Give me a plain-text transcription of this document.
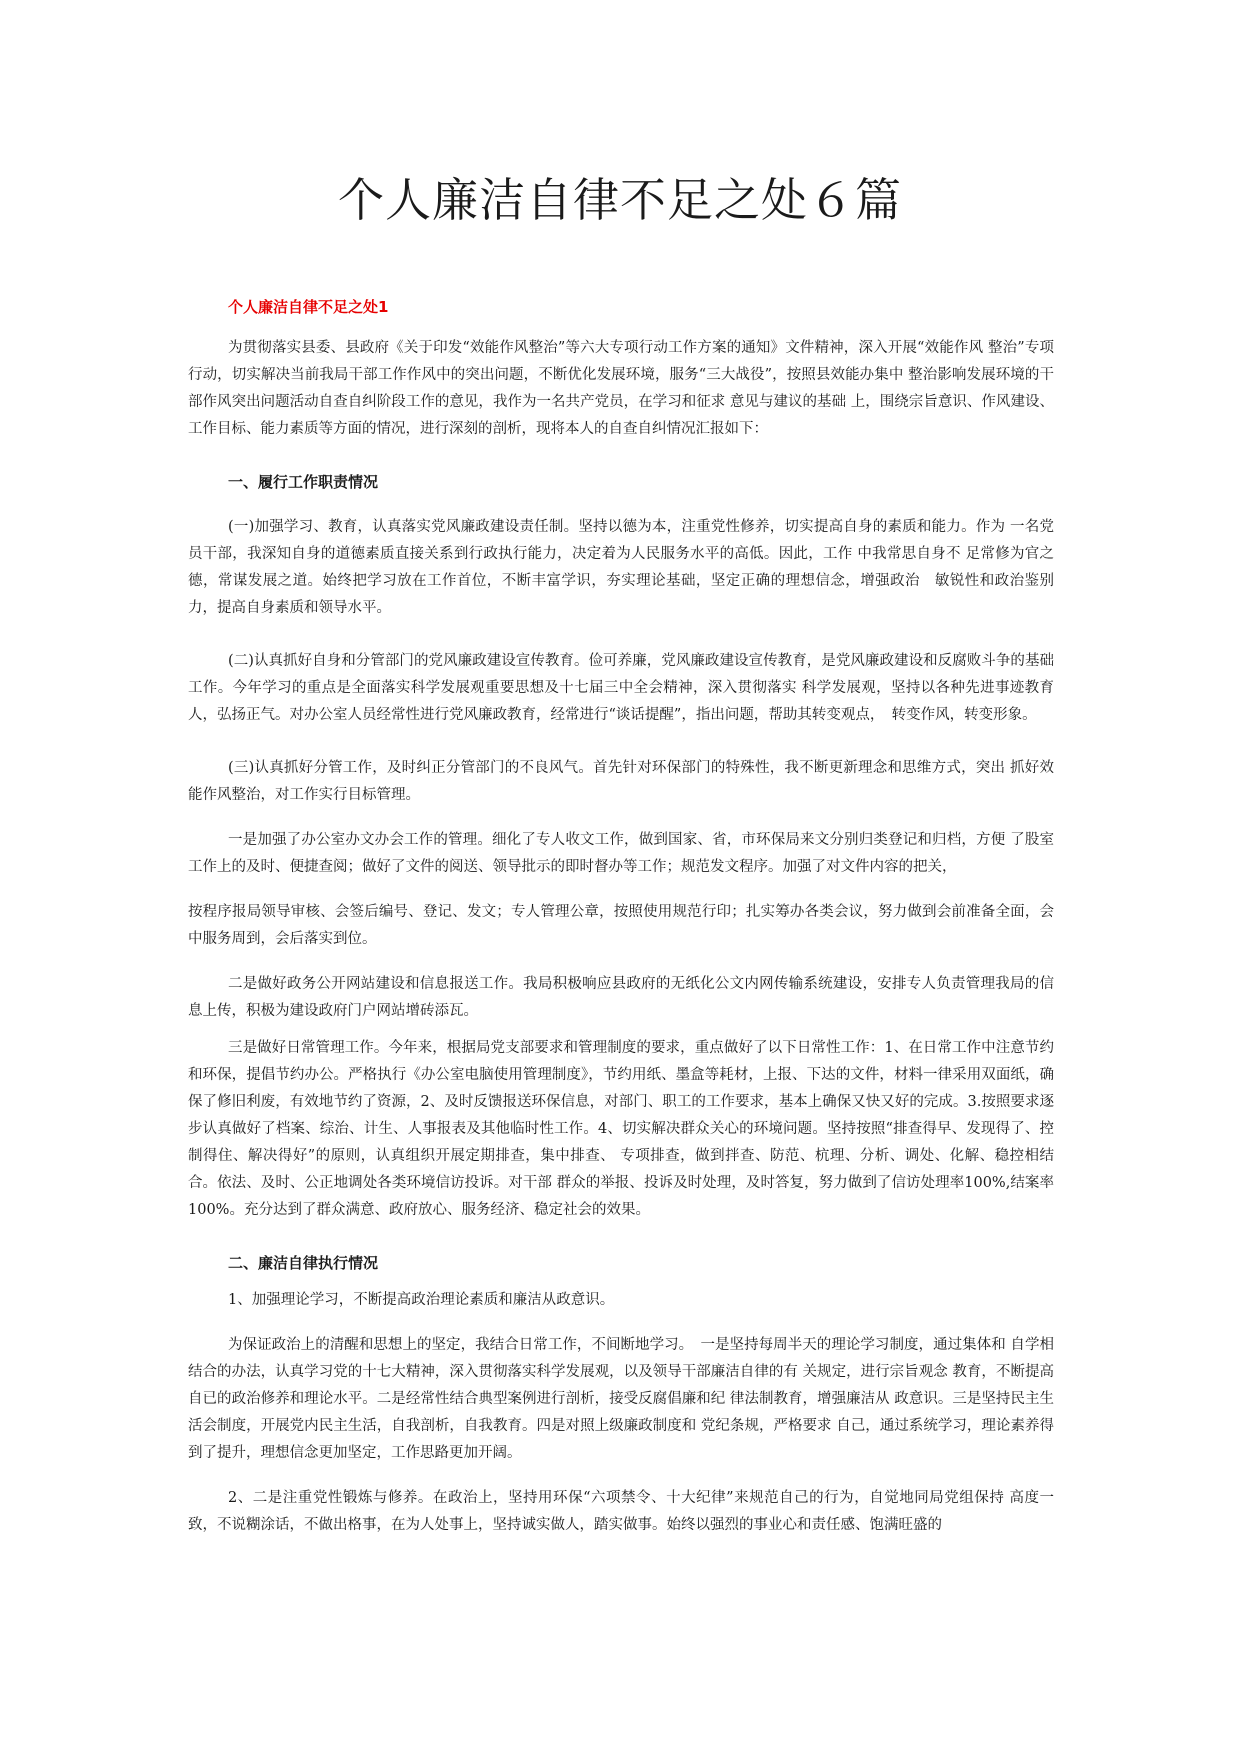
个人廉洁自律不足之处６篇

个人廉洁自律不足之处1

为贯彻落实县委、县政府《关于印发“效能作风整治”等六大专项行动工作方案的通知》文件精神，深入开展“效能作风 整治”专项行动，切实解决当前我局干部工作作风中的突出问题，不断优化发展环境，服务“三大战役”，按照县效能办集中 整治影响发展环境的干部作风突出问题活动自查自纠阶段工作的意见，我作为一名共产党员，在学习和征求 意见与建议的基础 上，围绕宗旨意识、作风建设、工作目标、能力素质等方面的情况，进行深刻的剖析，现将本人的自查自纠情况汇报如下：

一、履行工作职责情况

(一)加强学习、教育，认真落实党风廉政建设责任制。坚持以德为本，注重党性修养，切实提高自身的素质和能力。作为 一名党员干部，我深知自身的道德素质直接关系到行政执行能力，决定着为人民服务水平的高低。因此，工作 中我常思自身不 足常修为官之德，常谋发展之道。始终把学习放在工作首位，不断丰富学识，夯实理论基础，坚定正确的理想信念，增强政治　敏锐性和政治鉴别力，提高自身素质和领导水平。

(二)认真抓好自身和分管部门的党风廉政建设宣传教育。俭可养廉，党风廉政建设宣传教育，是党风廉政建设和反腐败斗争的基础工作。今年学习的重点是全面落实科学发展观重要思想及十七届三中全会精神，深入贯彻落实 科学发展观，坚持以各种先进事迹教育人，弘扬正气。对办公室人员经常性进行党风廉政教育，经常进行“谈话提醒”，指出问题，帮助其转变观点，　转变作风，转变形象。

(三)认真抓好分管工作，及时纠正分管部门的不良风气。首先针对环保部门的特殊性，我不断更新理念和思维方式，突出 抓好效能作风整治，对工作实行目标管理。

一是加强了办公室办文办会工作的管理。细化了专人收文工作，做到国家、省，市环保局来文分别归类登记和归档，方便 了股室工作上的及时、便捷查阅；做好了文件的阅送、领导批示的即时督办等工作；规范发文程序。加强了对文件内容的把关，

按程序报局领导审核、会签后编号、登记、发文；专人管理公章，按照使用规范行印；扎实筹办各类会议，努力做到会前准备全面，会中服务周到，会后落实到位。

二是做好政务公开网站建设和信息报送工作。我局积极响应县政府的无纸化公文内网传输系统建设，安排专人负责管理我局的信息上传，积极为建设政府门户网站增砖添瓦。

三是做好日常管理工作。今年来，根据局党支部要求和管理制度的要求，重点做好了以下日常性工作：1、在日常工作中注意节约和环保，提倡节约办公。严格执行《办公室电脑使用管理制度》，节约用纸、墨盒等耗材，上报、下达的文件，材料一律采用双面纸，确保了修旧利废，有效地节约了资源，2、及时反馈报送环保信息，对部门、职工的工作要求，基本上确保又快又好的完成。3.按照要求逐步认真做好了档案、综治、计生、人事报表及其他临时性工作。4、切实解决群众关心的环境问题。坚持按照“排查得早、发现得了、控制得住、解决得好”的原则，认真组织开展定期排查，集中排查、 专项排查，做到拌查、防范、杭理、分析、调处、化解、稳控相结合。依法、及时、公正地调处各类环境信访投诉。对干部 群众的举报、投诉及时处理，及时答复，努力做到了信访处理率100%,结案率100%。充分达到了群众满意、政府放心、服务经济、稳定社会的效果。

二、廉洁自律执行情况

1、加强理论学习，不断提高政治理论素质和廉洁从政意识。

为保证政治上的清醒和思想上的坚定，我结合日常工作，不间断地学习。　一是坚持每周半天的理论学习制度，通过集体和 自学相结合的办法，认真学习党的十七大精神，深入贯彻落实科学发展观，以及领导干部廉洁自律的有 关规定，进行宗旨观念 教育，不断提高自已的政治修养和理论水平。二是经常性结合典型案例进行剖析，接受反腐倡廉和纪 律法制教育，增强廉洁从 政意识。三是坚持民主生活会制度，开展党内民主生活，自我剖析，自我教育。四是对照上级廉政制度和 党纪条规，严格要求 自己，通过系统学习，理论素养得到了提升，理想信念更加坚定，工作思路更加开阔。

2、二是注重党性锻炼与修养。在政治上，坚持用环保“六项禁令、十大纪律”来规范自己的行为，自觉地同局党组保持 高度一致，不说糊涂话，不做出格事，在为人处事上，坚持诚实做人，踏实做事。始终以强烈的事业心和责任感、饱满旺盛的
